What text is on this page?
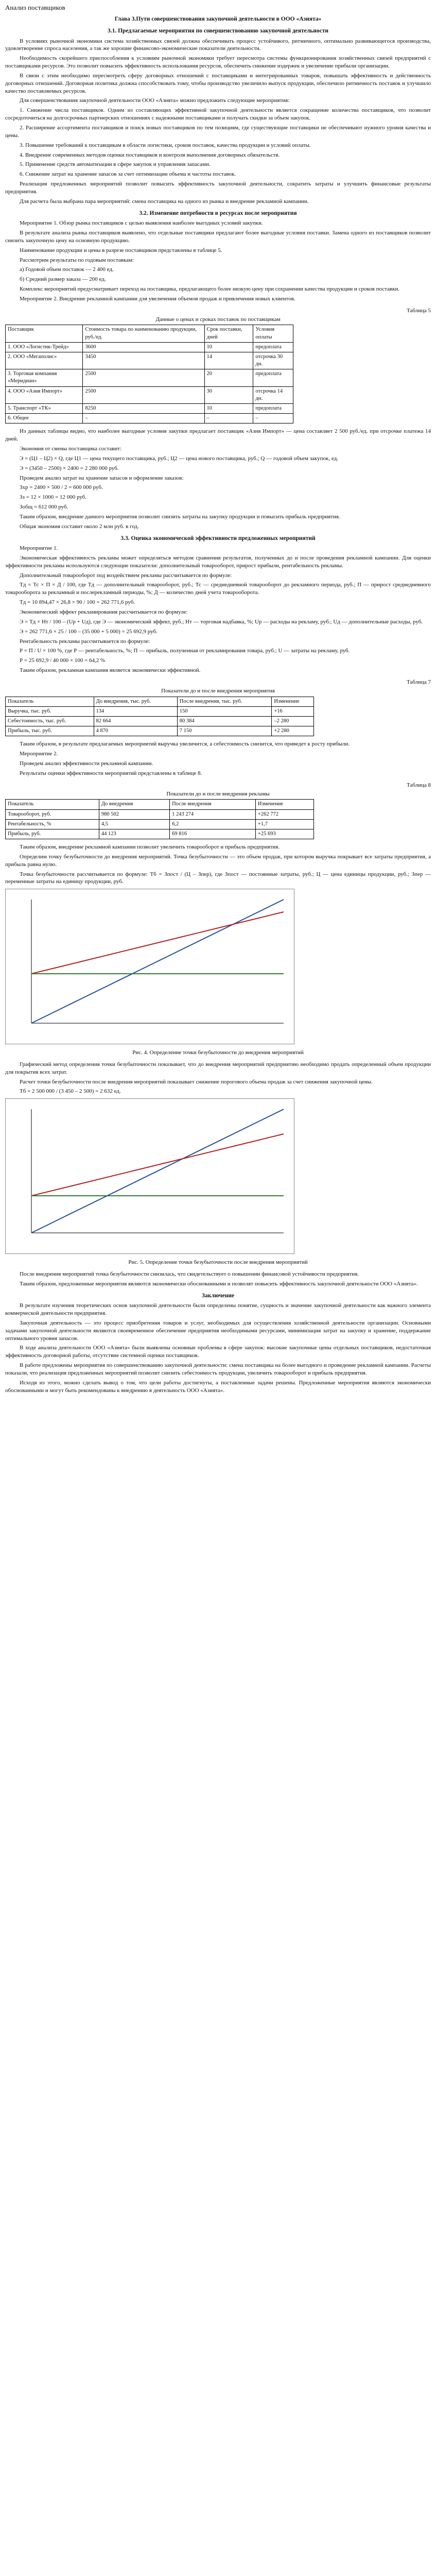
Анализ поставщиков
Глава 3.Пути совершенствования закупочной деятельности в ООО «Азията»
3.1. Предлагаемые мероприятия по совершенствованию закупочной деятельности

В условиях рыночной экономики система хозяйственных связей должна обеспечивать процесс устойчивого, ритмичного, оптимально развивающегося производства, удовлетворение спроса населения, а так же хорошие финансово-экономические показатели деятельности.

Необходимость скорейшего приспособления к условиям рыночной экономики требует пересмотра системы функционирования хозяйственных связей предприятий с поставщиками ресурсов. Это позволит повысить эффективность использования ресурсов, обеспечить снижение издержек и увеличение прибыли организации.

В связи с этим необходимо пересмотреть сферу договорных отношений с поставщиками и интегрированных товаров, повышать эффективность и действенность договорных отношений. Договорная политика должна способствовать тому, чтобы производство увеличило выпуск продукции, обеспечило ритмичность поставок и улучшило качество поставляемых ресурсов.

Для совершенствования закупочной деятельности ООО «Азията» можно предложить следующие мероприятия:

1. Снижение числа поставщиков. Одним из составляющих эффективной закупочной деятельности является сокращение количества поставщиков, что позволит сосредоточиться на долгосрочных партнерских отношениях с надежными поставщиками и получать скидки за объем закупок.

2. Расширение ассортимента поставщиков и поиск новых поставщиков по тем позициям, где существующие поставщики не обеспечивают нужного уровня качества и цены.

3. Повышение требований к поставщикам в области логистики, сроков поставок, качества продукции и условий оплаты.

4. Внедрение современных методов оценки поставщиков и контроля выполнения договорных обязательств.

5. Применение средств автоматизации в сфере закупок и управления запасами.

6. Снижение затрат на хранение запасов за счет оптимизации объема и частоты поставок.

Реализация предложенных мероприятий позволит повысить эффективность закупочной деятельности, сократить затраты и улучшить финансовые результаты предприятия.

Для расчета была выбрана пара мероприятий: смена поставщика на одного из рынка и внедрение рекламной кампании.

3.2. Изменение потребности в ресурсах после мероприятия

Мероприятие 1. Обзор рынка поставщиков с целью выявления наиболее выгодных условий закупки.

В результате анализа рынка поставщиков выявлено, что отдельные поставщики предлагают более выгодные условия поставки. Замена одного из поставщиков позволит снизить закупочную цену на основную продукцию.

Наименование продукции и цены в разрезе поставщиков представлены в таблице 5.

Рассмотрим результаты по годовым поставкам:

а) Годовой объем поставок — 2 400 ед.

б) Средний размер заказа — 200 ед.

Комплекс мероприятий предусматривает переход на поставщика, предлагающего более низкую цену при сохранении качества продукции и сроков поставки.

Мероприятие 2. Внедрение рекламной кампании для увеличения объемов продаж и привлечения новых клиентов.

Таблица 5
Данные о ценах и сроках поставок по поставщикам
Поставщик	Стоимость товара по наименованию продукции, руб./ед.	Срок поставки, дней	Условия оплаты
1. ООО «Логистик-Трейд»	3600	10	предоплата
2. ООО «Мегаполис»	3450	14	отсрочка 30 дн.
3. Торговая компания «Меридиан»	2500	20	предоплата
4. ООО «Азия Импорт»	2500	30	отсрочка 14 дн.
5. Транспорт «ТК»	8250	10	предоплата
6. Общее	–	–	–

Из данных таблицы видно, что наиболее выгодные условия закупки предлагает поставщик «Азия Импорт» — цена составляет 2 500 руб./ед. при отсрочке платежа 14 дней.

Экономия от смены поставщика составит:

Э = (Ц1 – Ц2) × Q, где Ц1 — цена текущего поставщика, руб.; Ц2 — цена нового поставщика, руб.; Q — годовой объем закупок, ед.

Э = (3450 – 2500) × 2400 = 2 280 000 руб.

Проведем анализ затрат на хранение запасов и оформление заказов:

Зхр = 2400 × 500 / 2 = 600 000 руб.

Зз = 12 × 1000 = 12 000 руб.

Зобщ = 612 000 руб.

Таким образом, внедрение данного мероприятия позволит снизить затраты на закупку продукции и повысить прибыль предприятия.

Общая экономия составит около 2 млн руб. в год.

3.3. Оценка экономической эффективности предложенных мероприятий

Мероприятие 1.

Экономическая эффективность рекламы может определяться методом сравнения результатов, полученных до и после проведения рекламной кампании. Для оценки эффективности рекламы используются следующие показатели: дополнительный товарооборот, прирост прибыли, рентабельность рекламы.

Дополнительный товарооборот под воздействием рекламы рассчитывается по формуле:

Тд = Тс × П × Д / 100, где Тд — дополнительный товарооборот, руб.; Тс — среднедневной товарооборот до рекламного периода, руб.; П — прирост среднедневного товарооборота за рекламный и послерекламный периоды, %; Д — количество дней учета товарооборота.

Тд = 10 894,47 × 26,8 × 90 / 100 = 262 771,6 руб.

Экономический эффект рекламирования рассчитывается по формуле:

Э = Тд × Нт / 100 – (Up + Uд), где Э — экономический эффект, руб.; Нт — торговая надбавка, %; Up — расходы на рекламу, руб.; Uд — дополнительные расходы, руб.

Э = 262 771,6 × 25 / 100 – (35 000 + 5 000) = 25 692,9 руб.

Рентабельность рекламы рассчитывается по формуле:

Р = П / U × 100 %, где Р — рентабельность, %; П — прибыль, полученная от рекламирования товара, руб.; U — затраты на рекламу, руб.

Р = 25 692,9 / 40 000 × 100 = 64,2 %

Таким образом, рекламная кампания является экономически эффективной.

Таблица 7
Показатели до и после внедрения мероприятия
Показатель	До внедрения, тыс. руб.	После внедрения, тыс. руб.	Изменение
Выручка, тыс. руб.	134	150	+16
Себестоимость, тыс. руб.	82 664	80 384	–2 280
Прибыль, тыс. руб.	4 870	7 150	+2 280

Таким образом, в результате предлагаемых мероприятий выручка увеличится, а себестоимость снизится, что приведет к росту прибыли.

Мероприятие 2.

Проведем анализ эффективности рекламной кампании.

Результаты оценки эффективности мероприятий представлены в таблице 8.

Таблица 8
Показатели до и после внедрения рекламы
Показатель	До внедрения	После внедрения	Изменение
Товарооборот, руб.	980 502	1 243 274	+262 772
Рентабельность, %	4,5	6,2	+1,7
Прибыль, руб.	44 123	69 816	+25 693

Таким образом, внедрение рекламной кампании позволит увеличить товарооборот и прибыль предприятия.

Определим точку безубыточности до внедрения мероприятий. Точка безубыточности — это объем продаж, при котором выручка покрывает все затраты предприятия, а прибыль равна нулю.

Точка безубыточности рассчитывается по формуле: Тб = Зпост / (Ц – Зпер), где Зпост — постоянные затраты, руб.; Ц — цена единицы продукции, руб.; Зпер — переменные затраты на единицу продукции, руб.

Рис. 4. Определение точки безубыточности до внедрения мероприятий

Графический метод определения точки безубыточности показывает, что до внедрения мероприятий предприятию необходимо продать определенный объем продукции для покрытия всех затрат.

Расчет точки безубыточности после внедрения мероприятий показывает снижение порогового объема продаж за счет снижения закупочной цены.

Тб = 2 500 000 / (3 450 – 2 500) = 2 632 ед.

Рис. 5. Определение точки безубыточности после внедрения мероприятий

После внедрения мероприятий точка безубыточности снизилась, что свидетельствует о повышении финансовой устойчивости предприятия.

Таким образом, предложенные мероприятия являются экономически обоснованными и позволят повысить эффективность закупочной деятельности ООО «Азията».

Заключение

В результате изучения теоретических основ закупочной деятельности были определены понятие, сущность и значение закупочной деятельности как важного элемента коммерческой деятельности предприятия.

Закупочная деятельность — это процесс приобретения товаров и услуг, необходимых для осуществления хозяйственной деятельности организации. Основными задачами закупочной деятельности являются своевременное обеспечение предприятия необходимыми ресурсами, минимизация затрат на закупку и хранение, поддержание оптимального уровня запасов.

В ходе анализа деятельности ООО «Азията» были выявлены основные проблемы в сфере закупок: высокие закупочные цены отдельных поставщиков, недостаточная эффективность договорной работы, отсутствие системной оценки поставщиков.

В работе предложены мероприятия по совершенствованию закупочной деятельности: смена поставщика на более выгодного и проведение рекламной кампании. Расчеты показали, что реализация предложенных мероприятий позволит снизить себестоимость продукции, увеличить товарооборот и прибыль предприятия.

Исходя из этого, можно сделать вывод о том, что цели работы достигнуты, а поставленные задачи решены. Предложенные мероприятия являются экономически обоснованными и могут быть рекомендованы к внедрению в деятельность ООО «Азията».
